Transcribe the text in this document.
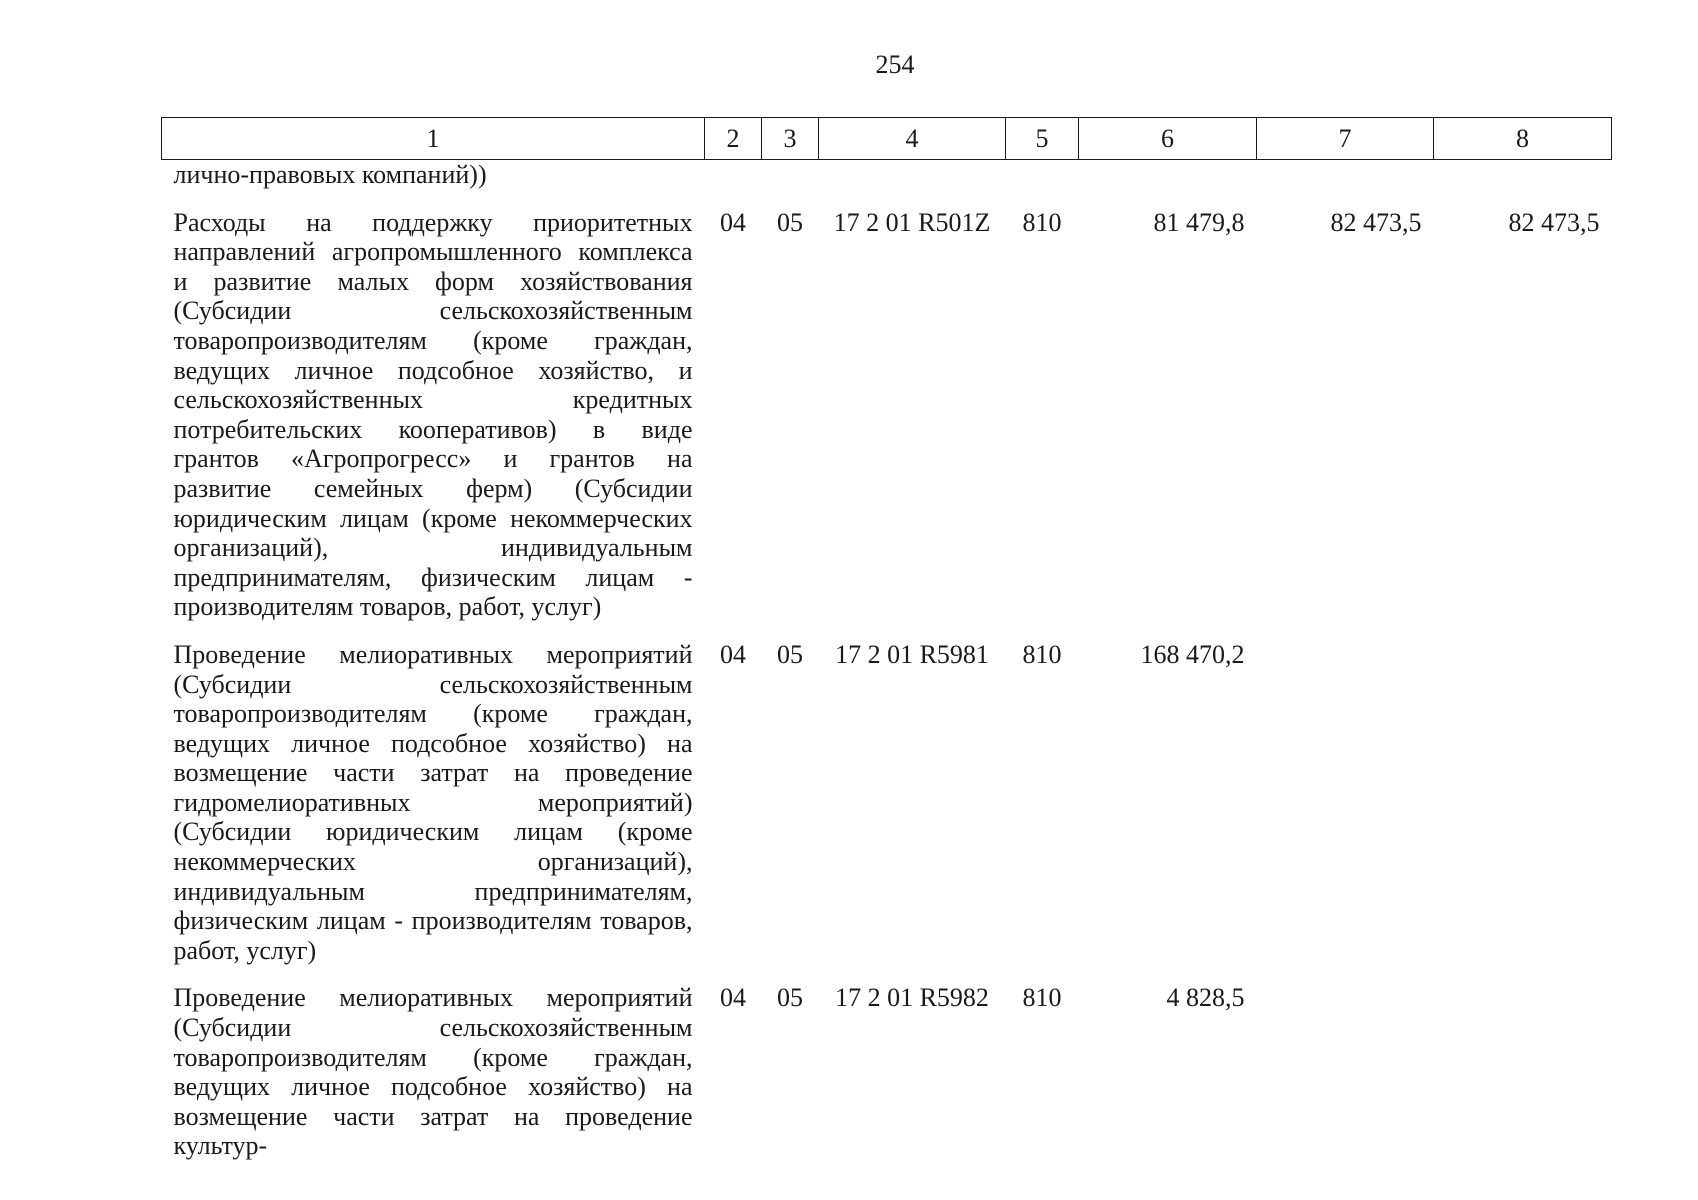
254
1	2	3	4	5	6	7	8
лично-правовых компаний))							

Расходы на поддержку приоритетных направлений агропромышленного комплекса и развитие малых форм хозяйствования (Субсидии сельскохозяйственным товаропроизводителям (кроме граждан, ведущих личное подсобное хозяйство, и сельскохозяйственных кредитных потребительских кооперативов) в виде грантов «Агропрогресс» и грантов на развитие семейных ферм) (Субсидии юридическим лицам (кроме некоммерческих организаций), индивидуальным предпринимателям, физическим лицам - производителям товаров, работ, услуг)	04	05	17 2 01 R501Z	810	81 479,8	82 473,5	82 473,5

Проведение мелиоративных мероприятий (Субсидии сельскохозяйственным товаропроизводителям (кроме граждан, ведущих личное подсобное хозяйство) на возмещение части затрат на проведение гидромелиоративных мероприятий) (Субсидии юридическим лицам (кроме некоммерческих организаций), индивидуальным предпринимателям, физическим лицам - производителям товаров, работ, услуг)	04	05	17 2 01 R5981	810	168 470,2		

Проведение мелиоративных мероприятий (Субсидии сельскохозяйственным товаропроизводителям (кроме граждан, ведущих личное подсобное хозяйство) на возмещение части затрат на проведение культур-	04	05	17 2 01 R5982	810	4 828,5		
